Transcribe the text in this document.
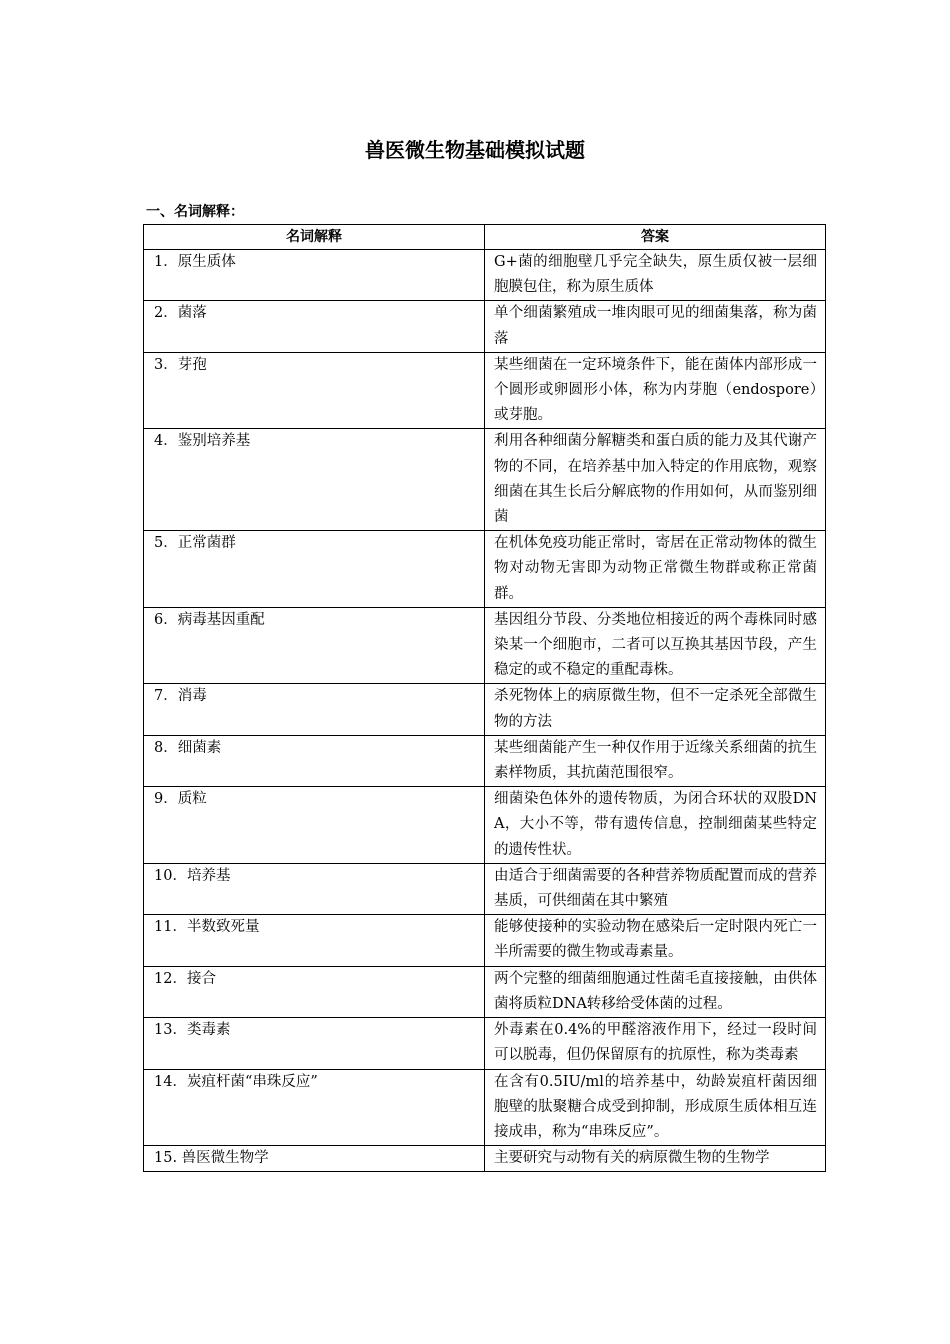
兽医微生物基础模拟试题
一、名词解释：
名词解释	答案
1．原生质体	G+菌的细胞壁几乎完全缺失，原生质仅被一层细胞膜包住，称为原生质体
2．菌落	单个细菌繁殖成一堆肉眼可见的细菌集落，称为菌落
3．芽孢	某些细菌在一定环境条件下，能在菌体内部形成一个圆形或卵圆形小体，称为内芽胞（endospore）或芽胞。
4．鉴别培养基	利用各种细菌分解糖类和蛋白质的能力及其代谢产物的不同，在培养基中加入特定的作用底物，观察细菌在其生长后分解底物的作用如何，从而鉴别细菌
5．正常菌群	在机体免疫功能正常时，寄居在正常动物体的微生物对动物无害即为动物正常微生物群或称正常菌群。
6．病毒基因重配	基因组分节段、分类地位相接近的两个毒株同时感染某一个细胞市，二者可以互换其基因节段，产生稳定的或不稳定的重配毒株。
7．消毒	杀死物体上的病原微生物，但不一定杀死全部微生物的方法
8．细菌素	某些细菌能产生一种仅作用于近缘关系细菌的抗生素样物质，其抗菌范围很窄。
9．质粒	细菌染色体外的遗传物质，为闭合环状的双股DNA，大小不等，带有遗传信息，控制细菌某些特定的遗传性状。
10．培养基	由适合于细菌需要的各种营养物质配置而成的营养基质，可供细菌在其中繁殖
11．半数致死量	能够使接种的实验动物在感染后一定时限内死亡一半所需要的微生物或毒素量。
12．接合	两个完整的细菌细胞通过性菌毛直接接触，由供体菌将质粒DNA转移给受体菌的过程。
13．类毒素	外毒素在0.4%的甲醛溶液作用下，经过一段时间可以脱毒，但仍保留原有的抗原性，称为类毒素
14．炭疽杆菌“串珠反应”	在含有0.5IU/ml的培养基中，幼龄炭疽杆菌因细胞壁的肽聚糖合成受到抑制，形成原生质体相互连接成串，称为“串珠反应”。
15. 兽医微生物学	主要研究与动物有关的病原微生物的生物学
